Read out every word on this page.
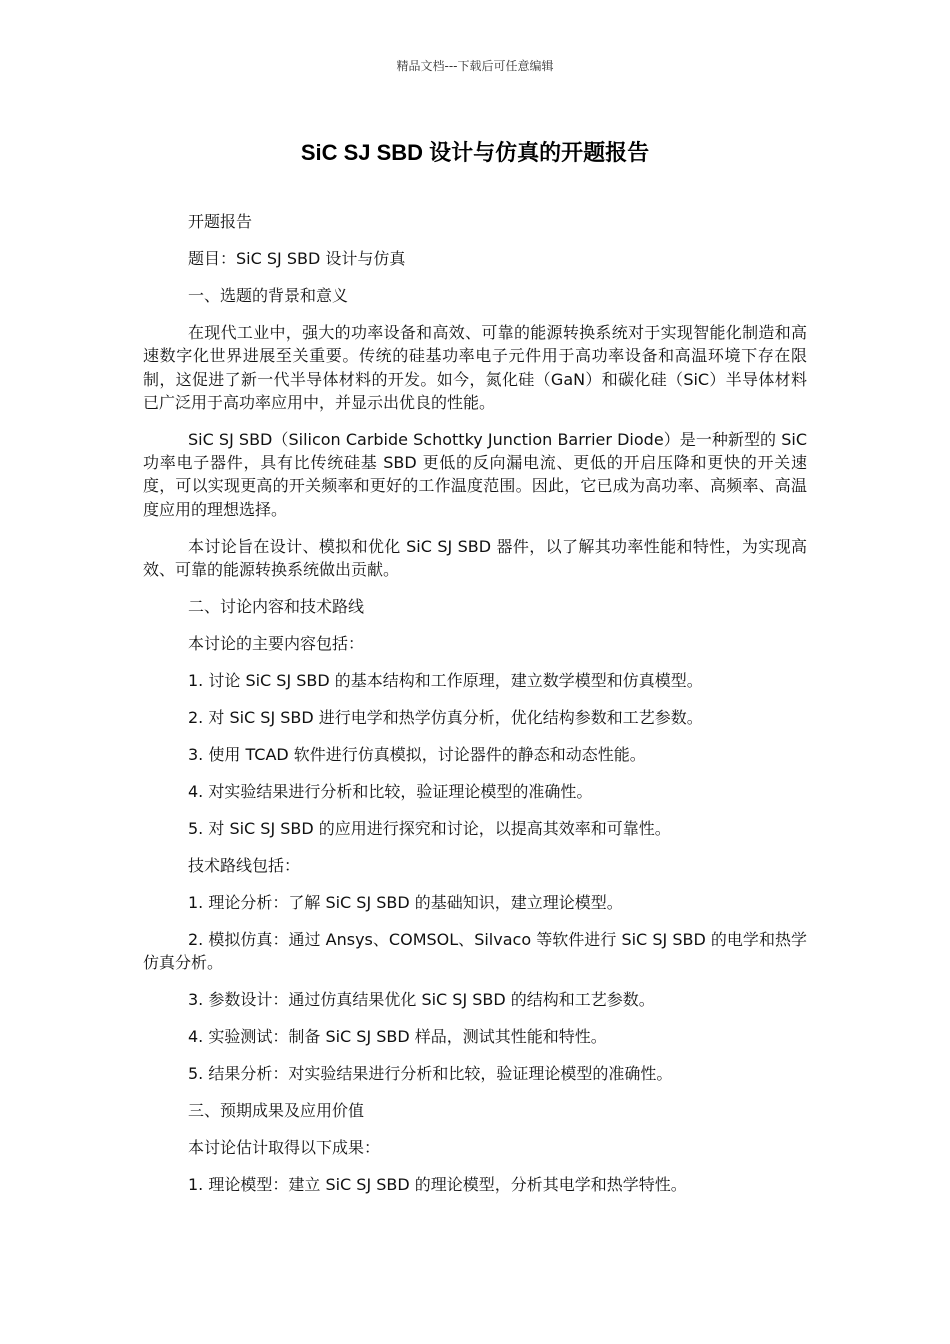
精品文档---下载后可任意编辑
SiC SJ SBD 设计与仿真的开题报告

开题报告

题目：SiC SJ SBD 设计与仿真

一、选题的背景和意义

在现代工业中，强大的功率设备和高效、可靠的能源转换系统对于实现智能化制造和高速数字化世界进展至关重要。传统的硅基功率电子元件用于高功率设备和高温环境下存在限制，这促进了新一代半导体材料的开发。如今，氮化硅（GaN）和碳化硅（SiC）半导体材料已广泛用于高功率应用中，并显示出优良的性能。

SiC SJ SBD（Silicon Carbide Schottky Junction Barrier Diode）是一种新型的 SiC 功率电子器件，具有比传统硅基 SBD 更低的反向漏电流、更低的开启压降和更快的开关速度，可以实现更高的开关频率和更好的工作温度范围。因此，它已成为高功率、高频率、高温度应用的理想选择。

本讨论旨在设计、模拟和优化 SiC SJ SBD 器件，以了解其功率性能和特性，为实现高效、可靠的能源转换系统做出贡献。

二、讨论内容和技术路线

本讨论的主要内容包括：

1. 讨论 SiC SJ SBD 的基本结构和工作原理，建立数学模型和仿真模型。

2. 对 SiC SJ SBD 进行电学和热学仿真分析，优化结构参数和工艺参数。

3. 使用 TCAD 软件进行仿真模拟，讨论器件的静态和动态性能。

4. 对实验结果进行分析和比较，验证理论模型的准确性。

5. 对 SiC SJ SBD 的应用进行探究和讨论，以提高其效率和可靠性。

技术路线包括：

1. 理论分析：了解 SiC SJ SBD 的基础知识，建立理论模型。

2. 模拟仿真：通过 Ansys、COMSOL、Silvaco 等软件进行 SiC SJ SBD 的电学和热学仿真分析。

3. 参数设计：通过仿真结果优化 SiC SJ SBD 的结构和工艺参数。

4. 实验测试：制备 SiC SJ SBD 样品，测试其性能和特性。

5. 结果分析：对实验结果进行分析和比较，验证理论模型的准确性。

三、预期成果及应用价值

本讨论估计取得以下成果：

1. 理论模型：建立 SiC SJ SBD 的理论模型，分析其电学和热学特性。
